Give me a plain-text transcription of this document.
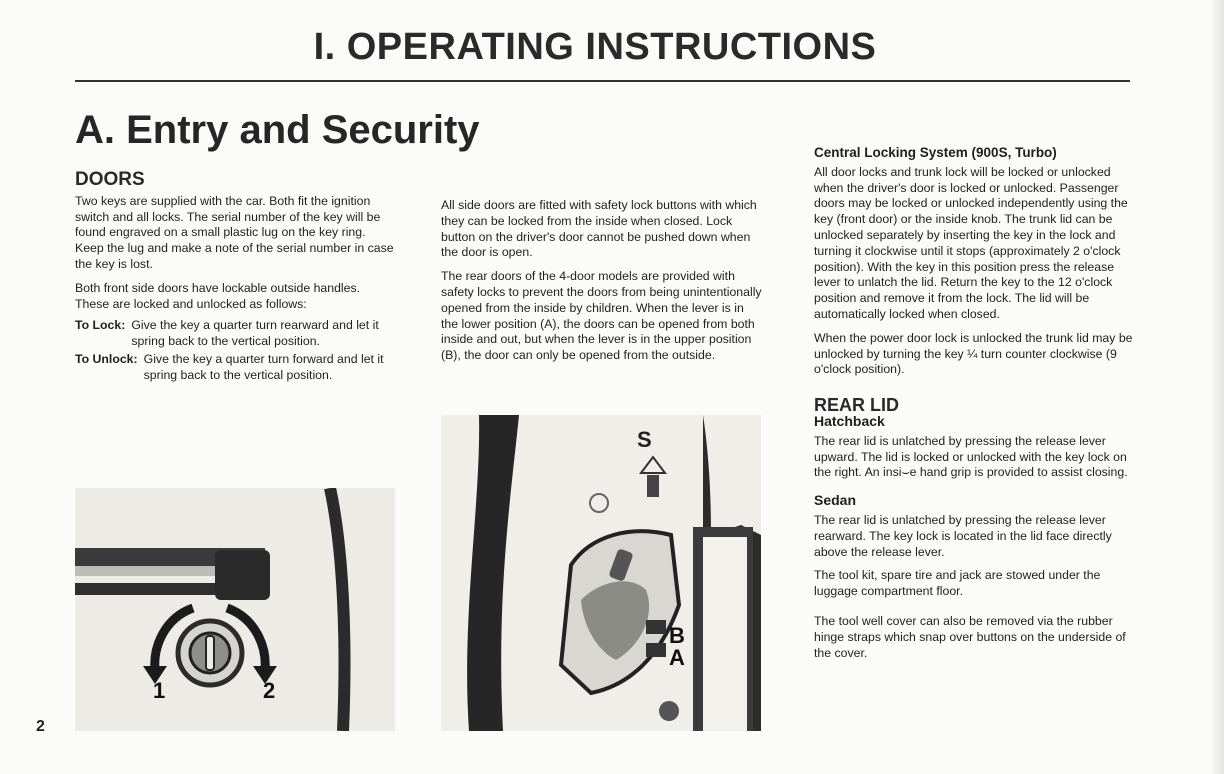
I. OPERATING INSTRUCTIONS
A. Entry and Security
DOORS

Two keys are supplied with the car. Both fit the ignition switch and all locks. The serial number of the key will be found engraved on a small plastic lug on the key ring. Keep the lug and make a note of the serial number in case the key is lost.

Both front side doors have lockable outside handles.

These are locked and unlocked as follows:

To Lock: Give the key a quarter turn rearward and let it spring back to the vertical position.
To Unlock: Give the key a quarter turn forward and let it spring back to the vertical position.
1	2

All side doors are fitted with safety lock buttons with which they can be locked from the inside when closed. Lock button on the driver's door cannot be pushed down when the door is open.

The rear doors of the 4-door models are provided with safety locks to prevent the doors from being unintentionally opened from the inside by children. When the lever is in the lower position (A), the doors can be opened from both inside and out, but when the lever is in the upper position (B), the door can only be opened from the outside.

S
B
A
Central Locking System (900S, Turbo)

All door locks and trunk lock will be locked or unlocked when the driver's door is locked or unlocked. Passenger doors may be locked or unlocked independently using the key (front door) or the inside knob. The trunk lid can be unlocked separately by inserting the key in the lock and turning it clockwise until it stops (approximately 2 o'clock position). With the key in this position press the release lever to unlatch the lid. Return the key to the 12 o'clock position and remove it from the lock. The lid will be automatically locked when closed.

When the power door lock is unlocked the trunk lid may be unlocked by turning the key ¼ turn counter clockwise (9 o'clock position).

REAR LID
Hatchback

The rear lid is unlatched by pressing the release lever upward. The lid is locked or unlocked with the key lock on the right. An insi⌣e hand grip is provided to assist closing.

Sedan

The rear lid is unlatched by pressing the release lever rearward. The key lock is located in the lid face directly above the release lever.

The tool kit, spare tire and jack are stowed under the luggage compartment floor.

The tool well cover can also be removed via the rubber hinge straps which snap over buttons on the underside of the cover.

2
